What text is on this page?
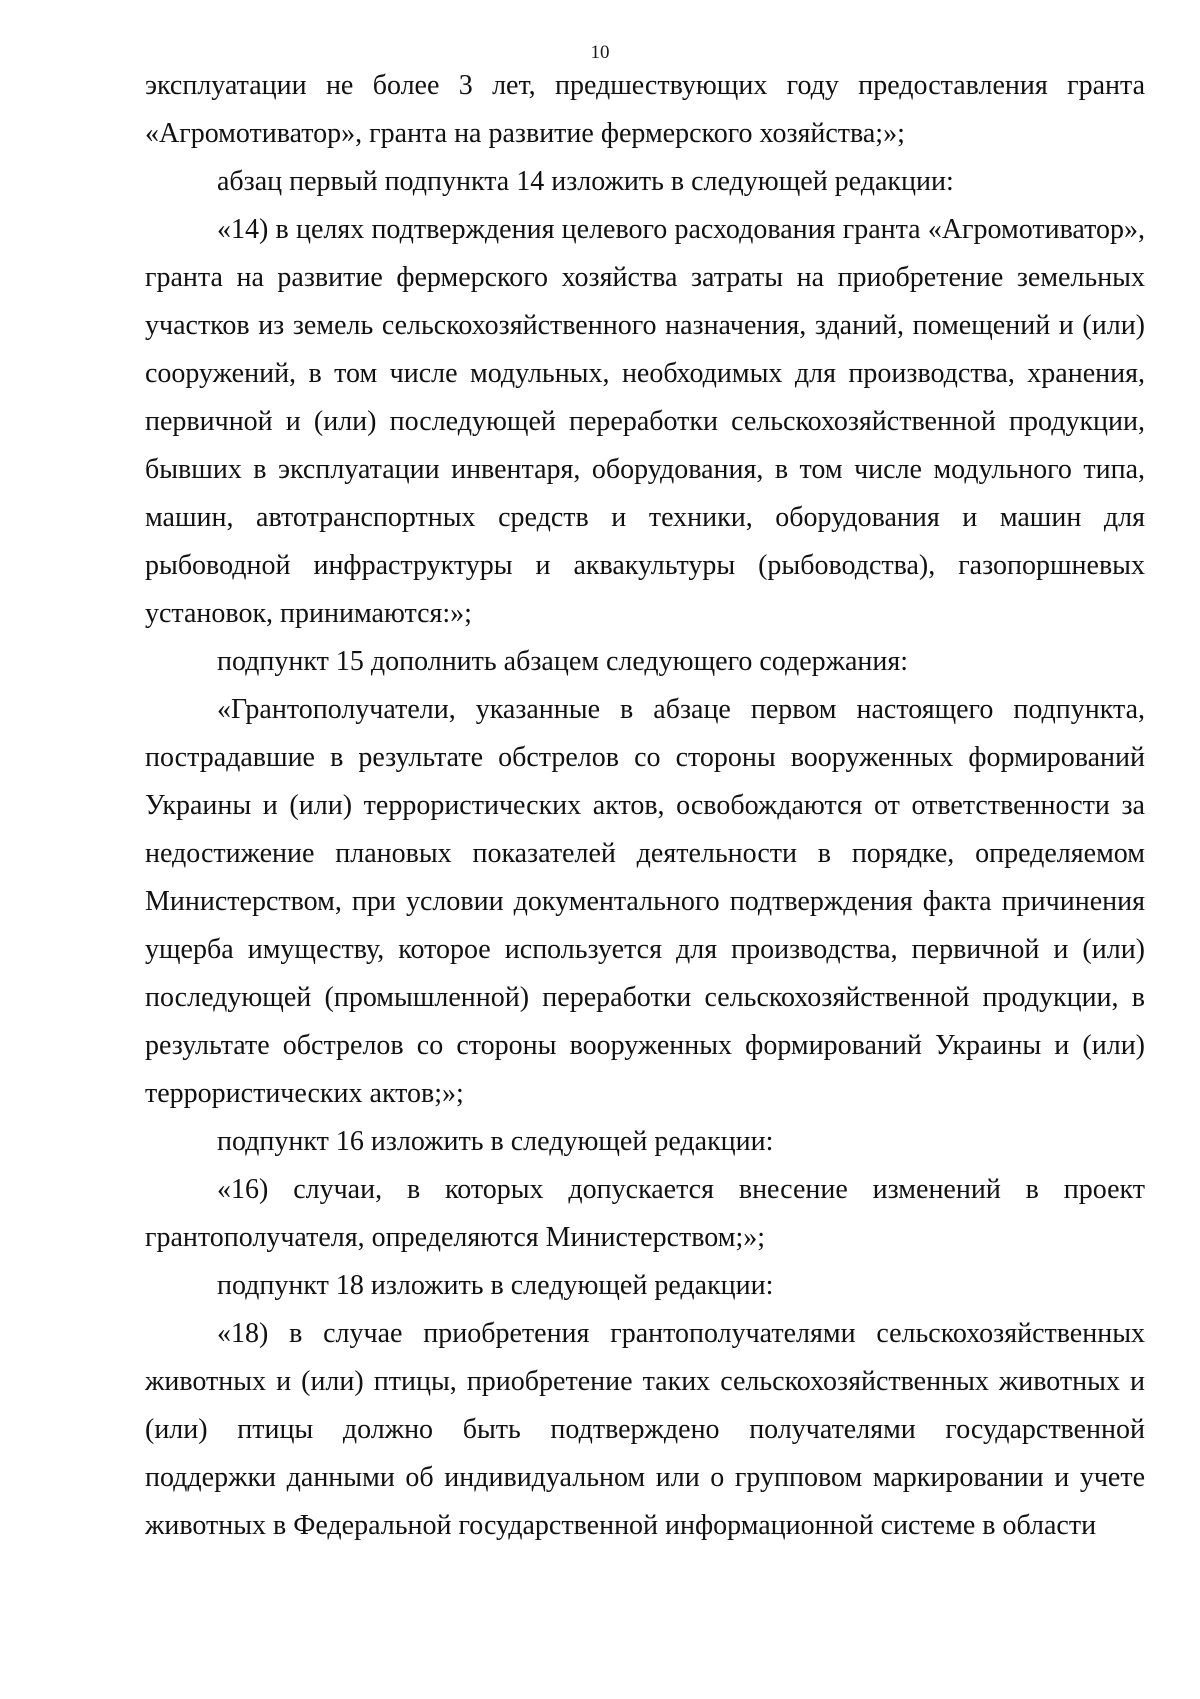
10

эксплуатации не более 3 лет, предшествующих году предоставления гранта «Агромотиватор», гранта на развитие фермерского хозяйства;»;

абзац первый подпункта 14 изложить в следующей редакции:

«14) в целях подтверждения целевого расходования гранта «Агромотиватор», гранта на развитие фермерского хозяйства затраты на приобретение земельных участков из земель сельскохозяйственного назначения, зданий, помещений и (или) сооружений, в том числе модульных, необходимых для производства, хранения, первичной и (или) последующей переработки сельскохозяйственной продукции, бывших в эксплуатации инвентаря, оборудования, в том числе модульного типа, машин, автотранспортных средств и техники, оборудования и машин для рыбоводной инфраструктуры и аквакультуры (рыбоводства), газопоршневых установок, принимаются:»;

подпункт 15 дополнить абзацем следующего содержания:

«Грантополучатели, указанные в абзаце первом настоящего подпункта, пострадавшие в результате обстрелов со стороны вооруженных формирований Украины и (или) террористических актов, освобождаются от ответственности за недостижение плановых показателей деятельности в порядке, определяемом Министерством, при условии документального подтверждения факта причинения ущерба имуществу, которое используется для производства, первичной и (или) последующей (промышленной) переработки сельскохозяйственной продукции, в результате обстрелов со стороны вооруженных формирований Украины и (или) террористических актов;»;

подпункт 16 изложить в следующей редакции:

«16) случаи, в которых допускается внесение изменений в проект грантополучателя, определяются Министерством;»;

подпункт 18 изложить в следующей редакции:

«18) в случае приобретения грантополучателями сельскохозяйственных животных и (или) птицы, приобретение таких сельскохозяйственных животных и (или) птицы должно быть подтверждено получателями государственной поддержки данными об индивидуальном или о групповом маркировании и учете животных в Федеральной государственной информационной системе в области
